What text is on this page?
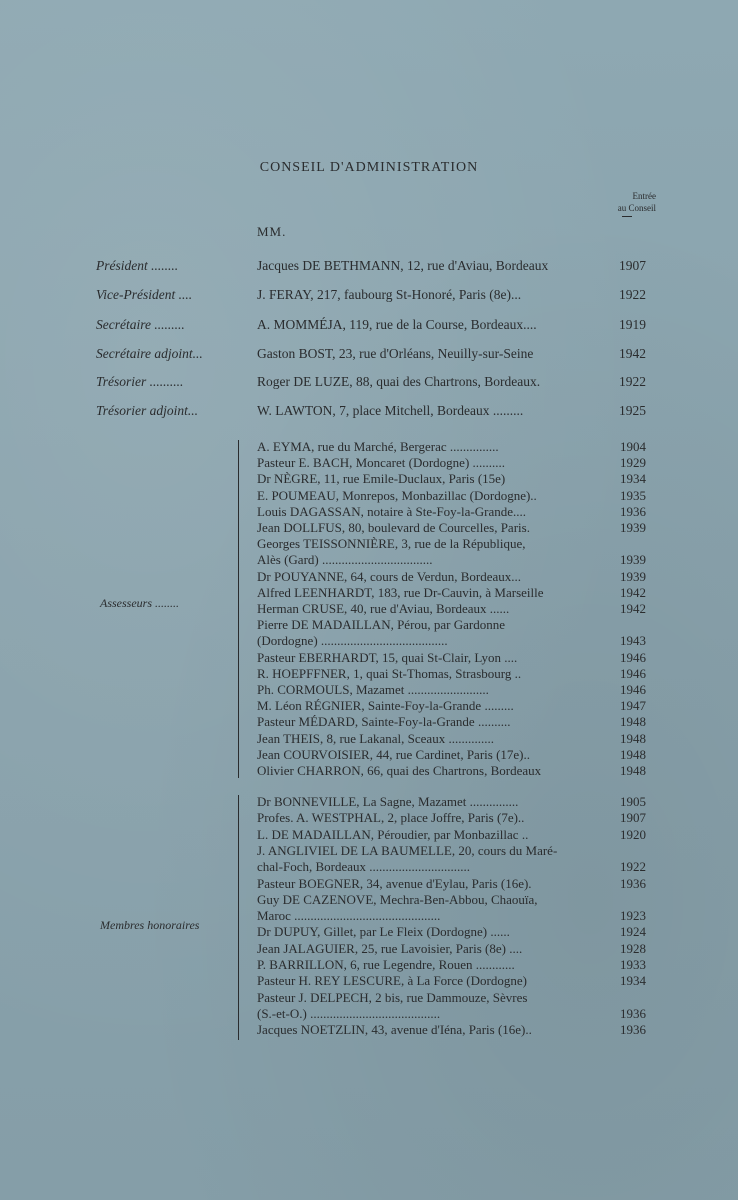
CONSEIL D'ADMINISTRATION
Entrée
au Conseil
MM.
Président ........	Jacques DE BETHMANN, 12, rue d'Aviau, Bordeaux	1907
Vice-Président ....	J. FERAY, 217, faubourg St-Honoré, Paris (8e)...	1922
Secrétaire .........	A. MOMMÉJA, 119, rue de la Course, Bordeaux....	1919
Secrétaire adjoint...	Gaston BOST, 23, rue d'Orléans, Neuilly-sur-Seine	1942
Trésorier ..........	Roger DE LUZE, 88, quai des Chartrons, Bordeaux.	1922
Trésorier adjoint...	W. LAWTON, 7, place Mitchell, Bordeaux .........	1925
Assesseurs ........
A. EYMA, rue du Marché, Bergerac ...............	1904
Pasteur E. BACH, Moncaret (Dordogne) ..........	1929
Dr NÈGRE, 11, rue Emile-Duclaux, Paris (15e)	1934
E. POUMEAU, Monrepos, Monbazillac (Dordogne)..	1935
Louis DAGASSAN, notaire à Ste-Foy-la-Grande....	1936
Jean DOLLFUS, 80, boulevard de Courcelles, Paris.	1939
Georges TEISSONNIÈRE, 3, rue de la République,
Alès (Gard) ..................................	1939
Dr POUYANNE, 64, cours de Verdun, Bordeaux...	1939
Alfred LEENHARDT, 183, rue Dr-Cauvin, à Marseille	1942
Herman CRUSE, 40, rue d'Aviau, Bordeaux ......	1942
Pierre DE MADAILLAN, Pérou, par Gardonne
(Dordogne) .......................................	1943
Pasteur EBERHARDT, 15, quai St-Clair, Lyon ....	1946
R. HOEPFFNER, 1, quai St-Thomas, Strasbourg ..	1946
Ph. CORMOULS, Mazamet .........................	1946
M. Léon RÉGNIER, Sainte-Foy-la-Grande .........	1947
Pasteur MÉDARD, Sainte-Foy-la-Grande ..........	1948
Jean THEIS, 8, rue Lakanal, Sceaux ..............	1948
Jean COURVOISIER, 44, rue Cardinet, Paris (17e)..	1948
Olivier CHARRON, 66, quai des Chartrons, Bordeaux	1948
Membres honoraires
Dr BONNEVILLE, La Sagne, Mazamet ...............	1905
Profes. A. WESTPHAL, 2, place Joffre, Paris (7e)..	1907
L. DE MADAILLAN, Péroudier, par Monbazillac ..	1920
J. ANGLIVIEL DE LA BAUMELLE, 20, cours du Maré-
chal-Foch, Bordeaux ...............................	1922
Pasteur BOEGNER, 34, avenue d'Eylau, Paris (16e).	1936
Guy DE CAZENOVE, Mechra-Ben-Abbou, Chaouïa,
Maroc .............................................	1923
Dr DUPUY, Gillet, par Le Fleix (Dordogne) ......	1924
Jean JALAGUIER, 25, rue Lavoisier, Paris (8e) ....	1928
P. BARRILLON, 6, rue Legendre, Rouen ............	1933
Pasteur H. REY LESCURE, à La Force (Dordogne)	1934
Pasteur J. DELPECH, 2 bis, rue Dammouze, Sèvres
(S.-et-O.) ........................................	1936
Jacques NOETZLIN, 43, avenue d'Iéna, Paris (16e)..	1936
